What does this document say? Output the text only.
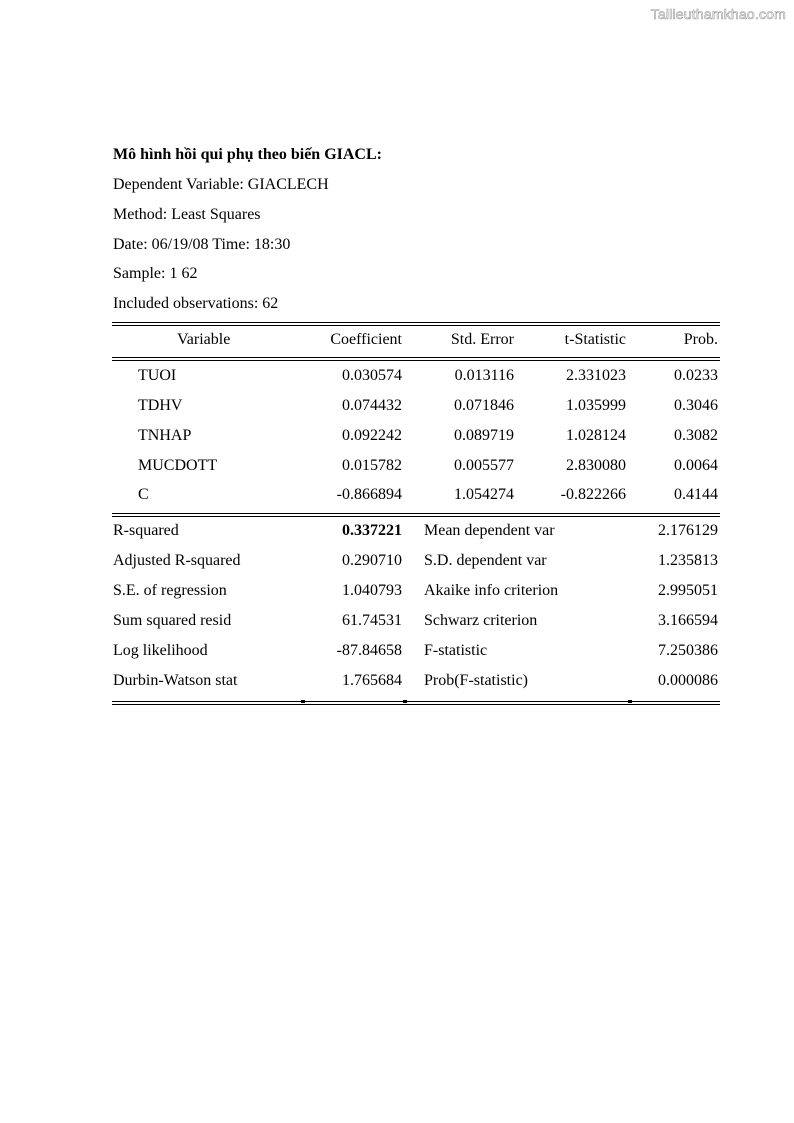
Tailieuthamkhao.com
Mô hình hồi qui phụ theo biến GIACL:
Dependent Variable: GIACLECH
Method: Least Squares
Date: 06/19/08 Time: 18:30
Sample: 1 62
Included observations: 62
Variable	Coefficient	Std. Error	t-Statistic	Prob.
TUOI	0.030574	0.013116	2.331023	0.0233
TDHV	0.074432	0.071846	1.035999	0.3046
TNHAP	0.092242	0.089719	1.028124	0.3082
MUCDOTT	0.015782	0.005577	2.830080	0.0064
C	-0.866894	1.054274	-0.822266	0.4144
R-squared	0.337221 Mean dependent var	2.176129
Adjusted R-squared	0.290710 S.D. dependent var	1.235813
S.E. of regression	1.040793 Akaike info criterion	2.995051
Sum squared resid	61.74531 Schwarz criterion	3.166594
Log likelihood	-87.84658 F-statistic	7.250386
Durbin-Watson stat	1.765684 Prob(F-statistic)	0.000086
